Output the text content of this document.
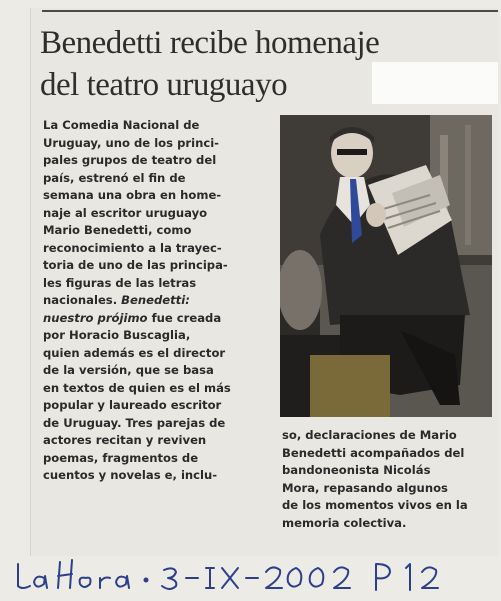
Benedetti recibe homenaje
del teatro uruguayo
La Comedia Nacional de
Uruguay, uno de los princi-
pales grupos de teatro del
país, estrenó el fin de
semana una obra en home-
naje al escritor uruguayo
Mario Benedetti, como
reconocimiento a la trayec-
toria de uno de las principa-
les figuras de las letras
nacionales. Benedetti:
nuestro prójimo fue creada
por Horacio Buscaglia,
quien además es el director
de la versión, que se basa
en textos de quien es el más
popular y laureado escritor
de Uruguay. Tres parejas de
actores recitan y reviven
poemas, fragmentos de
cuentos y novelas e, inclu-
so, declaraciones de Mario
Benedetti acompañados del
bandoneonista Nicolás
Mora, repasando algunos
de los momentos vivos en la
memoria colectiva.
